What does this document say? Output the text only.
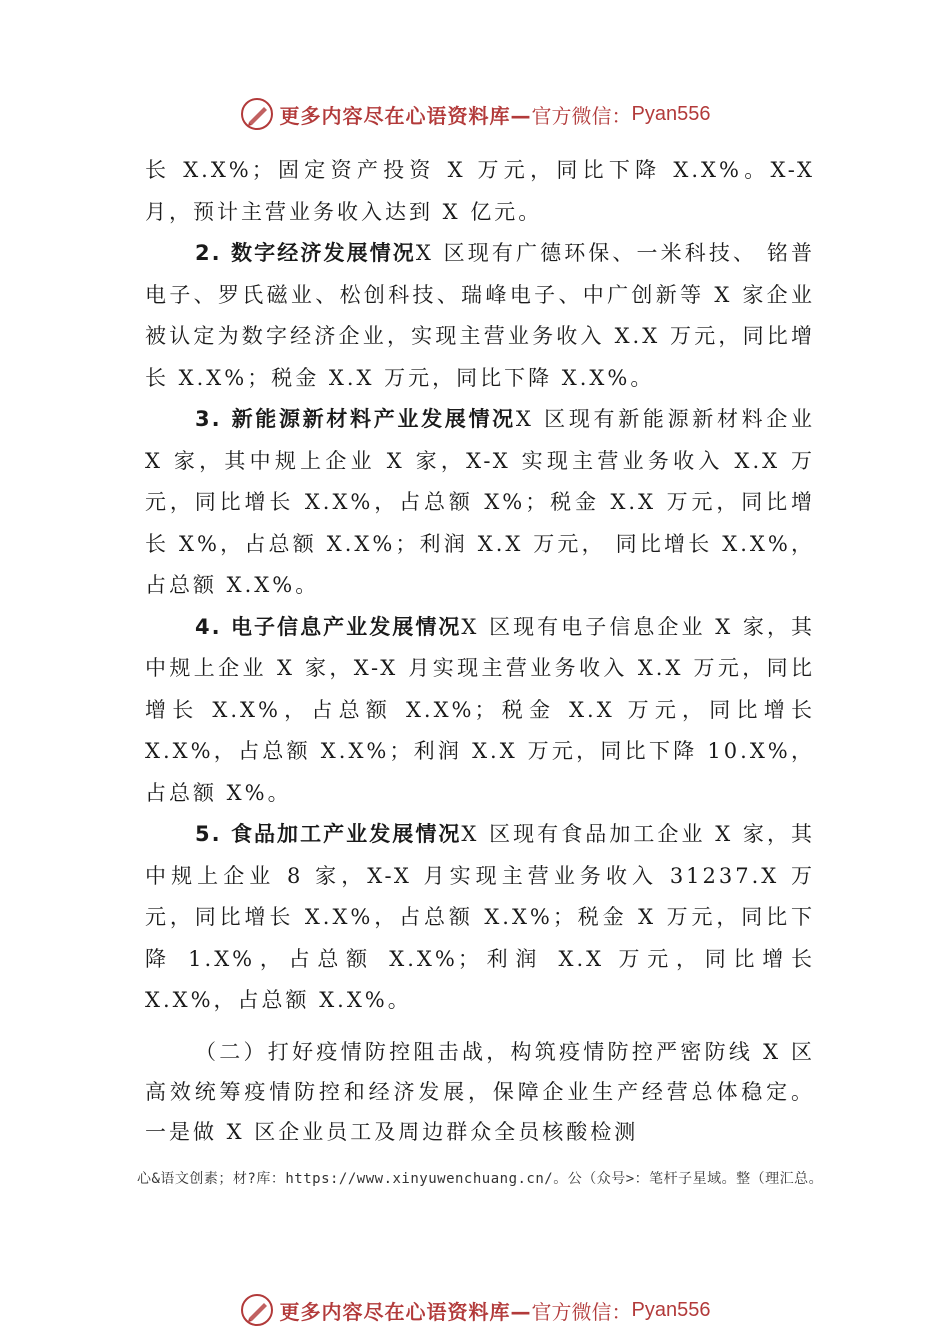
更多内容尽在心语资料库— 官方微信： Pyan556

长 X.X%；固定资产投资 X 万元，同比下降 X.X%。X-X 月，预计主营业务收入达到 X 亿元。

2. 数字经济发展情况X 区现有广德环保、一米科技、 铭普电子、罗氏磁业、松创科技、瑞峰电子、中广创新等 X 家企业被认定为数字经济企业，实现主营业务收入 X.X 万元，同比增长 X.X%；税金 X.X 万元，同比下降 X.X%。

3. 新能源新材料产业发展情况X 区现有新能源新材料企业 X 家，其中规上企业 X 家，X-X 实现主营业务收入 X.X 万元，同比增长 X.X%，占总额 X%；税金 X.X 万元，同比增长 X%，占总额 X.X%；利润 X.X 万元， 同比增长 X.X%，占总额 X.X%。

4. 电子信息产业发展情况X 区现有电子信息企业 X 家，其中规上企业 X 家，X-X 月实现主营业务收入 X.X 万元，同比增长 X.X%，占总额 X.X%；税金 X.X 万元，同比增长 X.X%，占总额 X.X%；利润 X.X 万元，同比下降 10.X%，占总额 X%。

5. 食品加工产业发展情况X 区现有食品加工企业 X 家，其中规上企业 8 家，X-X 月实现主营业务收入 31237.X 万元，同比增长 X.X%，占总额 X.X%；税金 X 万元，同比下降 1.X%，占总额 X.X%；利润 X.X 万元，同比增长 X.X%，占总额 X.X%。

（二）打好疫情防控阻击战，构筑疫情防控严密防线 X 区高效统筹疫情防控和经济发展，保障企业生产经营总体稳定。一是做 X 区企业员工及周边群众全员核酸检测

心&语文创素；材?库：https://www.xinyuwenchuang.cn/。公（众号>：笔杆子星域。整（理汇总。
更多内容尽在心语资料库— 官方微信： Pyan556
